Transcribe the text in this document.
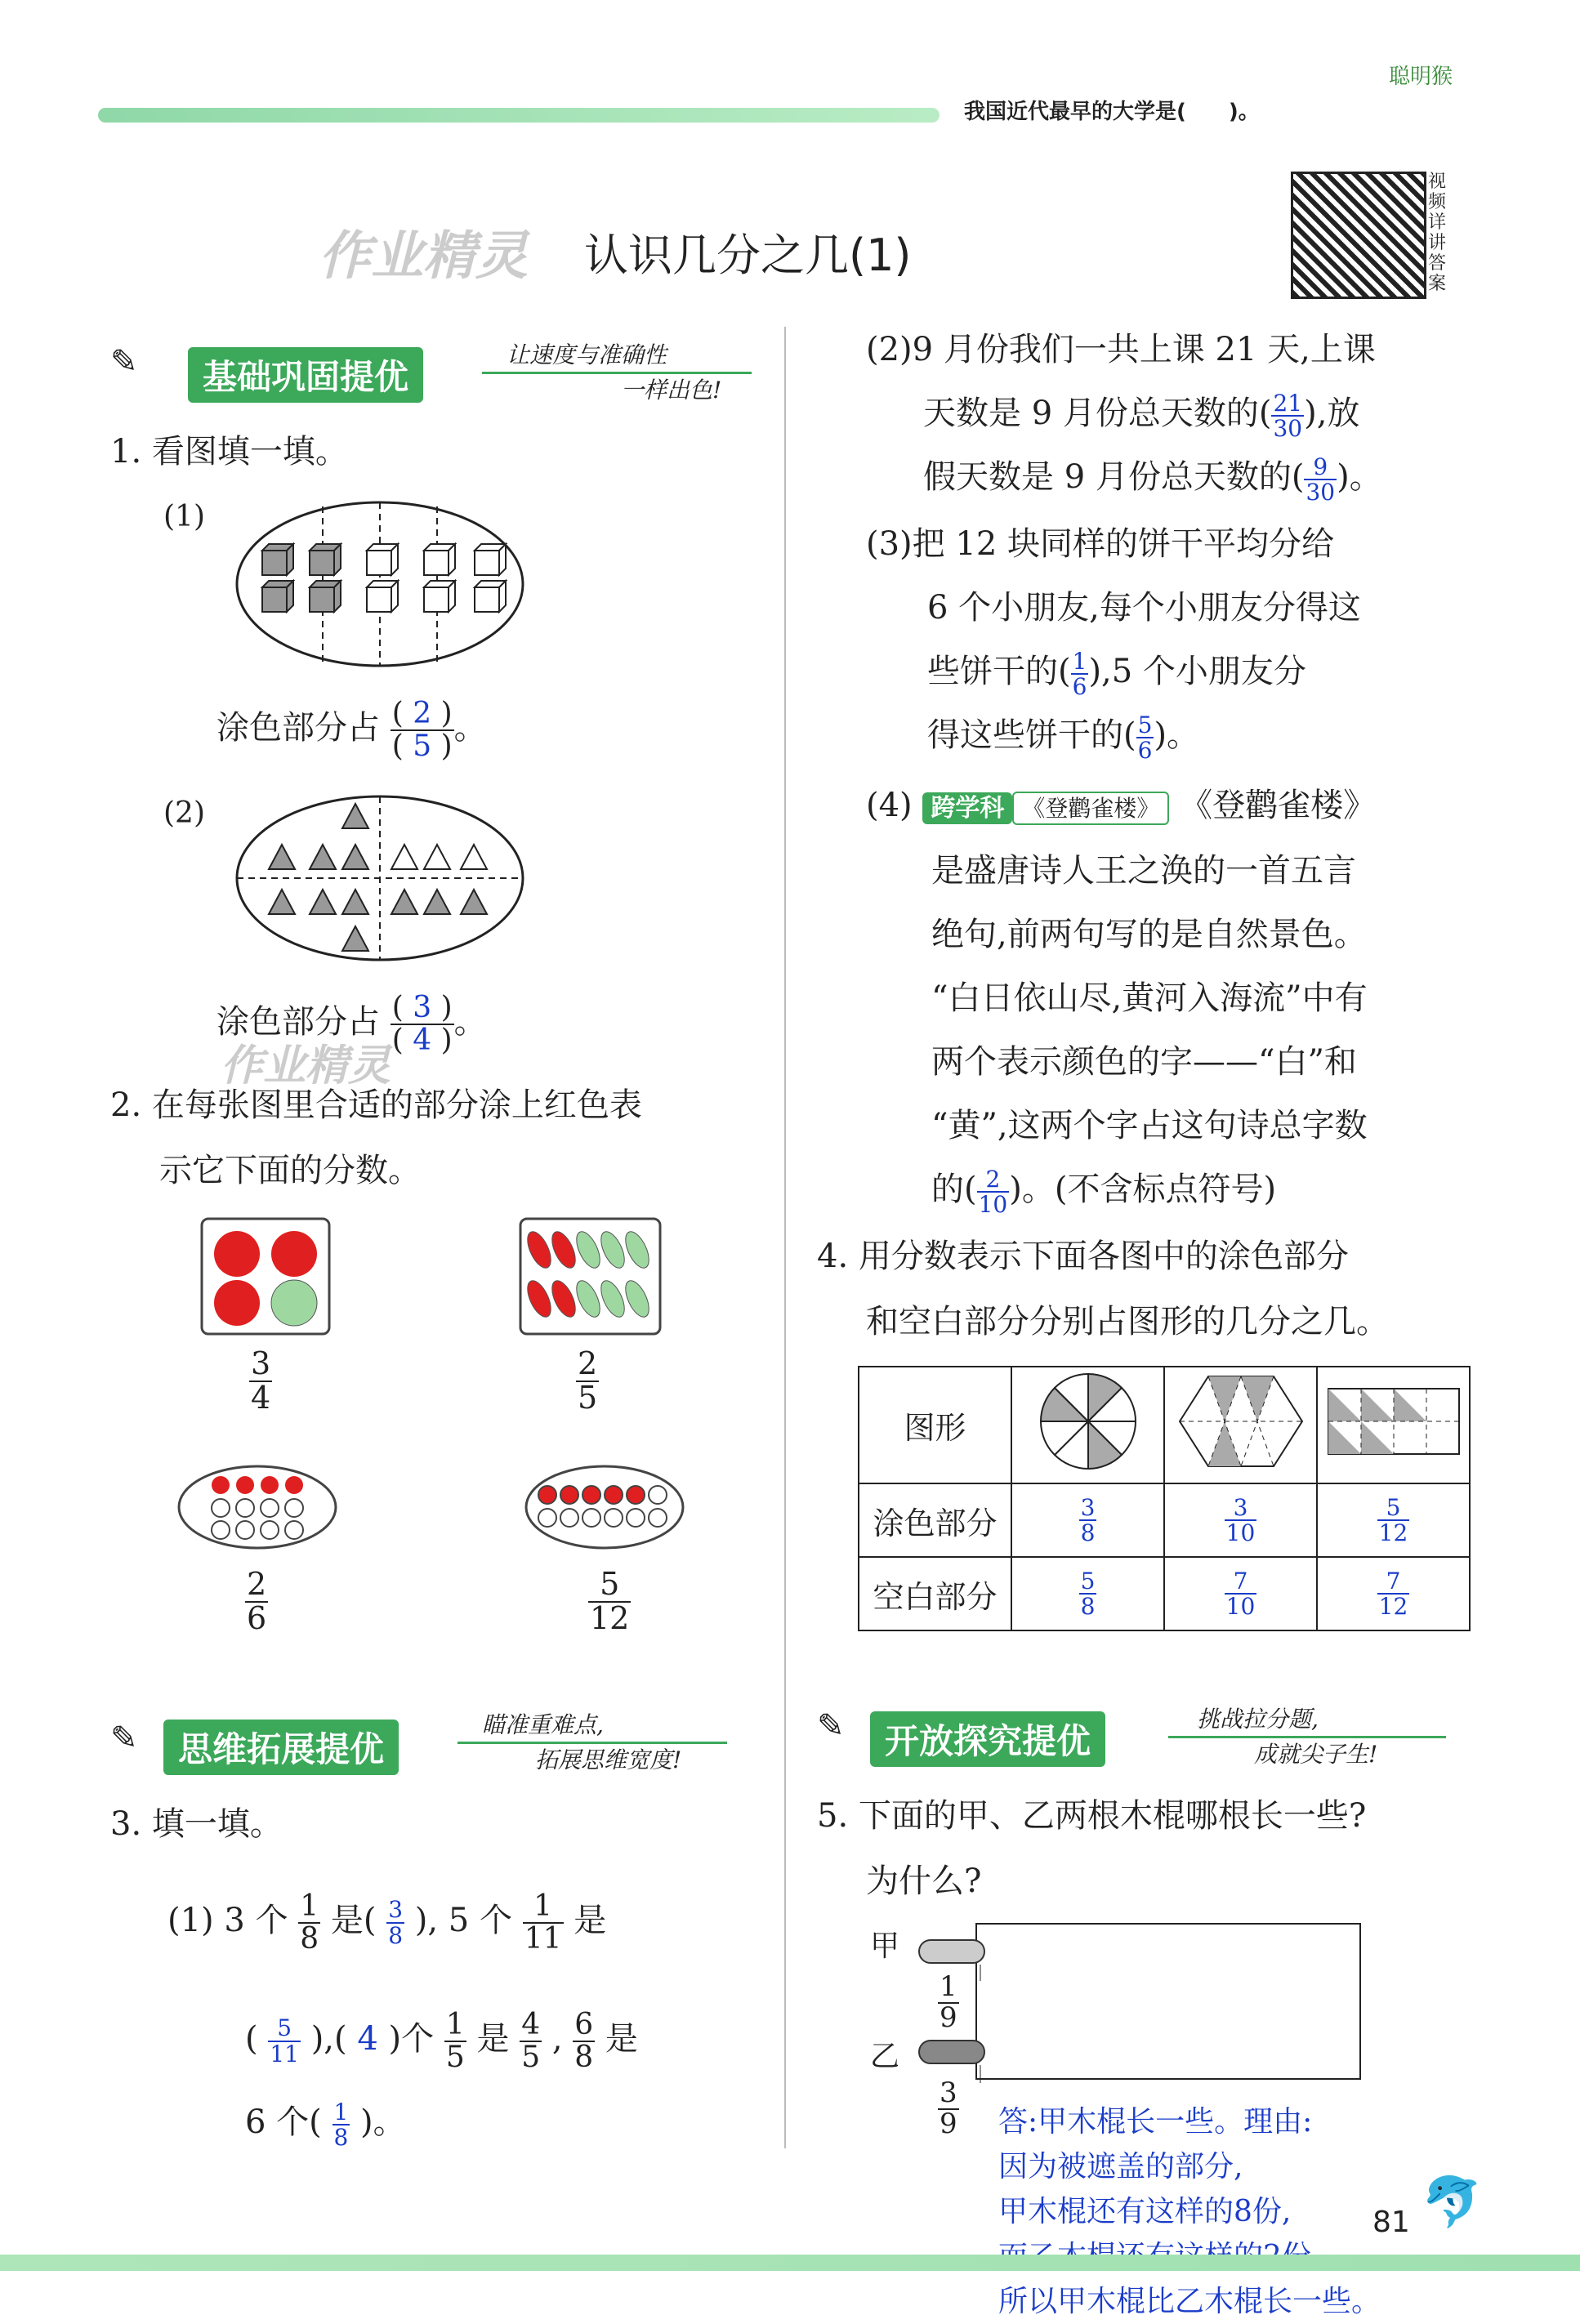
我国近代最早的大学是(　　)。
聪明猴
视频详讲答案
作业精灵 认识几分之几(1)
✎	基础巩固提优
让速度与准确性
一样出色!
1. 看图填一填。
(1)
涂色部分占 $\frac{( 2 )}{( 5 )}$ 。
(2)
涂色部分占 $\frac{( 3 )}{( 4 )}$ 。
作业精灵
2. 在每张图里合适的部分涂上红色表
示它下面的分数。
$\frac{3}{4}$	$\frac{2}{5}$
$\frac{2}{6}$	$\frac{5}{12}$
✎	思维拓展提优
瞄准重难点,
拓展思维宽度!
3. 填一填。
(1) 3 个 $\frac{1}{8}$ 是( $\frac{3}{8}$ ), 5 个 $\frac{1}{11}$ 是
( $\frac{5}{11}$ ),( 4 )个 $\frac{1}{5}$ 是 $\frac{4}{5}$ , $\frac{6}{8}$ 是
6 个( $\frac{1}{8}$ )。
(2)9 月份我们一共上课 21 天,上课
天数是 9 月份总天数的( $\frac{21}{30}$ ),放
假天数是 9 月份总天数的( $\frac{9}{30}$ )。
(3)把 12 块同样的饼干平均分给
6 个小朋友,每个小朋友分得这
些饼干的( $\frac{1}{6} ),5$ 个小朋友分
得这些饼干的( $\frac{5}{6}$ )。
(4) 跨学科 《登鹳雀楼》 《登鹳雀楼》
是盛唐诗人王之涣的一首五言
绝句,前两句写的是自然景色。
“白日依山尽,黄河入海流”中有
两个表示颜色的字——“白”和
“黄”,这两个字占这句诗总字数
的( $\frac{2}{10}$ )。(不含标点符号)
4. 用分数表示下面各图中的涂色部分
和空白部分分别占图形的几分之几。
图形			
涂色部分	$\frac{3}{8}$	$\frac{3}{10}$	$\frac{5}{12}$

空白部分	$\frac{5}{8}$	$\frac{7}{10}$	$\frac{7}{12}$
✎	开放探究提优
挑战拉分题,
成就尖子生!
5. 下面的甲、乙两根木棍哪根长一些?
为什么?
甲
乙
$\frac{1}{9}$
$\frac{3}{9}$ 答:甲木棍长一些。理由:
因为被遮盖的部分,
甲木棍还有这样的8份,
所以甲木棍比乙木棍长一些。
🐬
81
